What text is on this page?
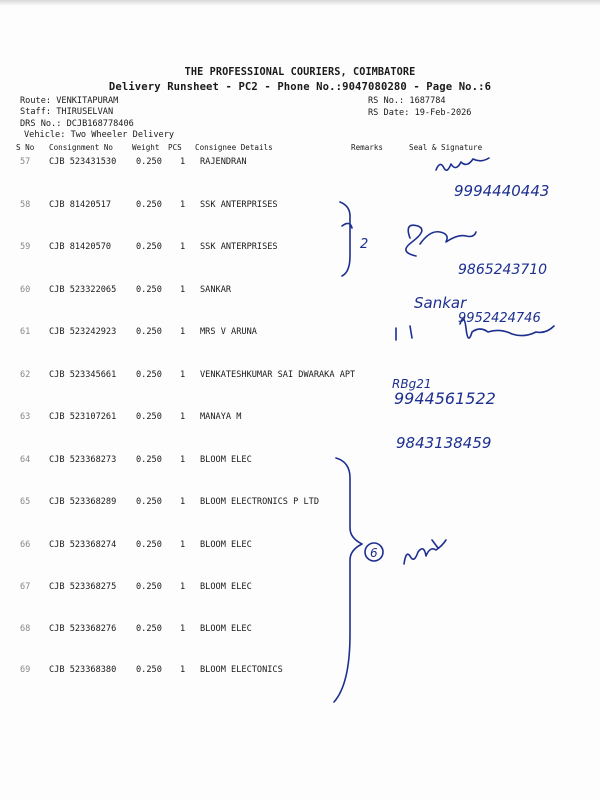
THE PROFESSIONAL COURIERS, COIMBATORE
Delivery Runsheet - PC2 - Phone No.:9047080280 - Page No.:6
Route: VENKITAPURAM
Staff: THIRUSELVAN
DRS No.: DCJB168778406
Vehicle: Two Wheeler Delivery
RS No.: 1687784
RS Date: 19-Feb-2026
S No Consignment No Weight PCS Consignee Details	Remarks	Seal & Signature
57 CJB 523431530 0.250 1 RAJENDRAN
58 CJB 81420517	0.250 1 SSK ANTERPRISES
59 CJB 81420570	0.250 1 SSK ANTERPRISES
60 CJB 523322065 0.250 1 SANKAR
61 CJB 523242923 0.250 1 MRS V ARUNA
62 CJB 523345661 0.250 1 VENKATESHKUMAR SAI DWARAKA APT
63 CJB 523107261 0.250 1 MANAYA M
64 CJB 523368273 0.250 1 BLOOM ELEC
65 CJB 523368289 0.250 1 BLOOM ELECTRONICS P LTD
66 CJB 523368274 0.250 1 BLOOM ELEC
67 CJB 523368275 0.250 1 BLOOM ELEC
68 CJB 523368276 0.250 1 BLOOM ELEC
69 CJB 523368380 0.250 1 BLOOM ELECTONICS
9994440443
9865243710
2
Sankar
9952424746
RBg21
9944561522
9843138459
6
